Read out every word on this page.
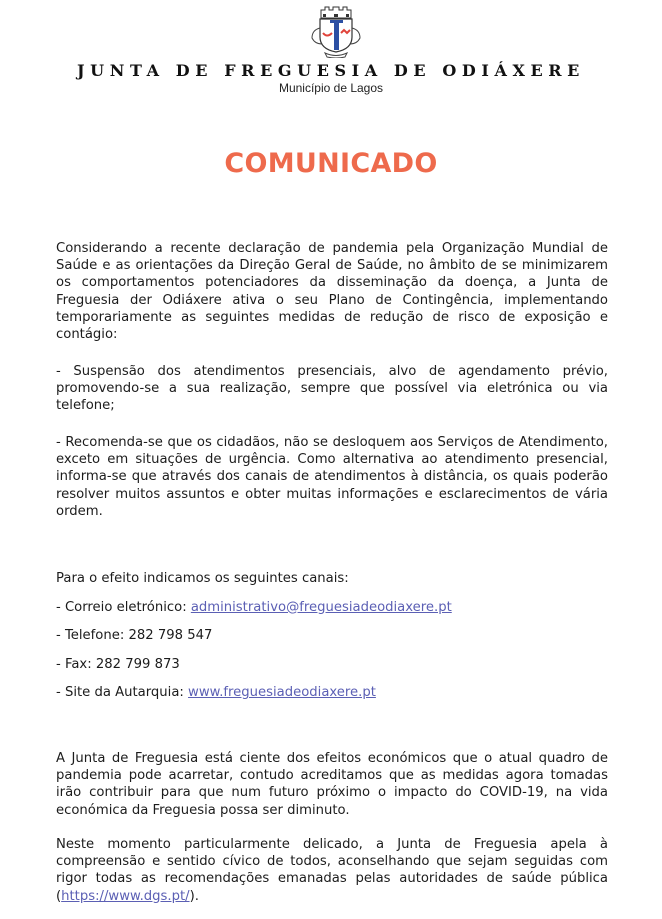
JUNTA DE FREGUESIA DE ODIÁXERE
Município de Lagos
COMUNICADO

Considerando a recente declaração de pandemia pela Organização Mundial de Saúde e as orientações da Direção Geral de Saúde, no âmbito de se minimizarem os comportamentos potenciadores da disseminação da doença, a Junta de Freguesia der Odiáxere ativa o seu Plano de Contingência, implementando temporariamente as seguintes medidas de redução de risco de exposição e contágio:

- Suspensão dos atendimentos presenciais, alvo de agendamento prévio, promovendo-se a sua realização, sempre que possível via eletrónica ou via telefone;

- Recomenda-se que os cidadãos, não se desloquem aos Serviços de Atendimento, exceto em situações de urgência. Como alternativa ao atendimento presencial, informa-se que através dos canais de atendimentos à distância, os quais poderão resolver muitos assuntos e obter muitas informações e esclarecimentos de vária ordem.

Para o efeito indicamos os seguintes canais:
- Correio eletrónico: administrativo@freguesiadeodiaxere.pt
- Telefone: 282 798 547
- Fax: 282 799 873
- Site da Autarquia: www.freguesiadeodiaxere.pt

A Junta de Freguesia está ciente dos efeitos económicos que o atual quadro de pandemia pode acarretar, contudo acreditamos que as medidas agora tomadas irão contribuir para que num futuro próximo o impacto do COVID-19, na vida económica da Freguesia possa ser diminuto.

Neste momento particularmente delicado, a Junta de Freguesia apela à compreensão e sentido cívico de todos, aconselhando que sejam seguidas com rigor todas as recomendações emanadas pelas autoridades de saúde pública (https://www.dgs.pt/).
